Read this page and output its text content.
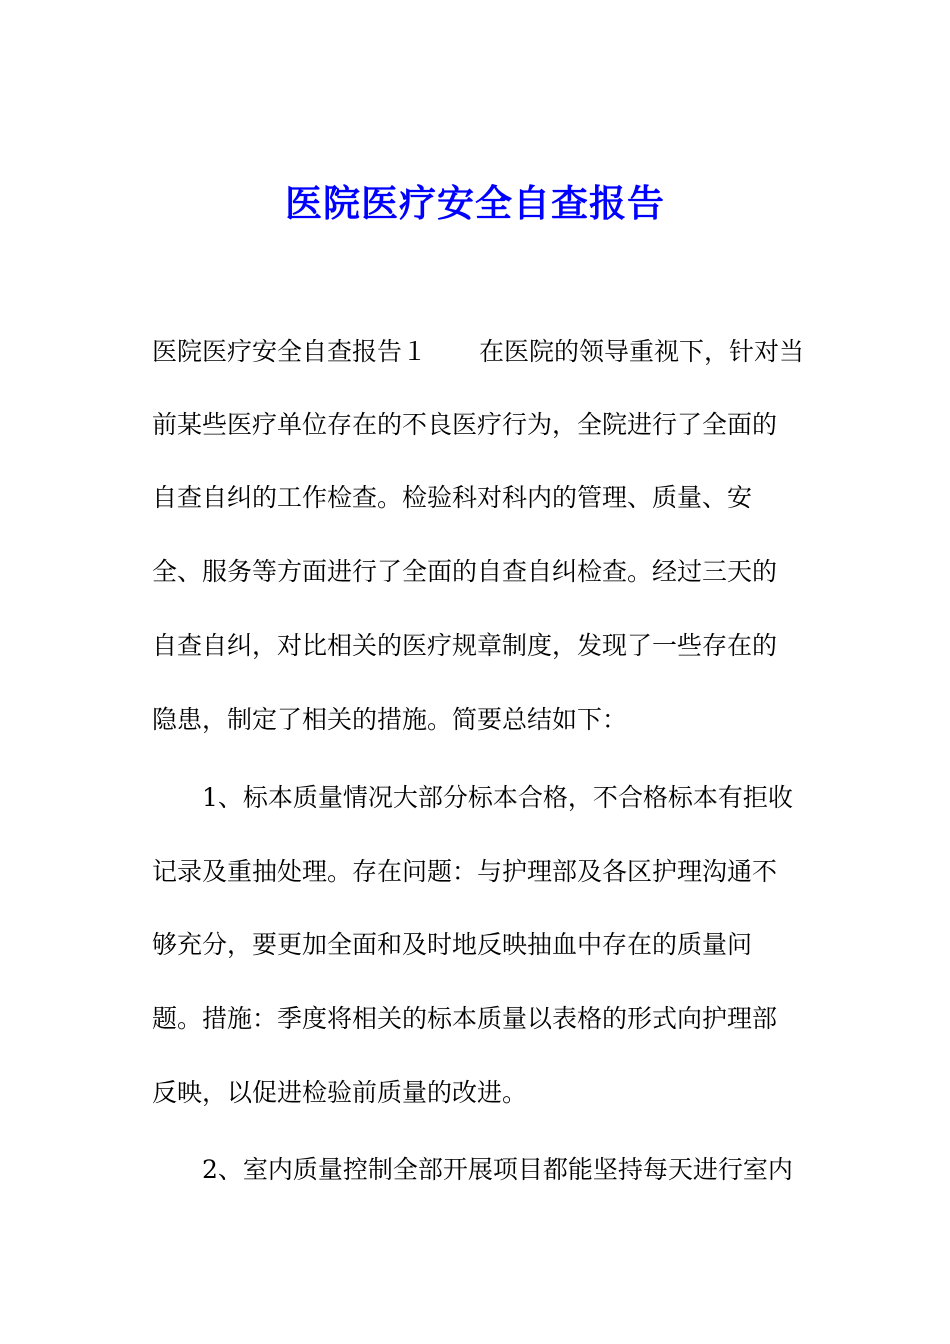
医院医疗安全自查报告
医院医疗安全自查报告１ 在医院的领导重视下，针对当
前某些医疗单位存在的不良医疗行为，全院进行了全面的
自查自纠的工作检查。检验科对科内的管理、质量、安
全、服务等方面进行了全面的自查自纠检查。经过三天的
自查自纠，对比相关的医疗规章制度，发现了一些存在的
隐患，制定了相关的措施。简要总结如下：
1、标本质量情况大部分标本合格，不合格标本有拒收
记录及重抽处理。存在问题：与护理部及各区护理沟通不
够充分，要更加全面和及时地反映抽血中存在的质量问
题。措施：季度将相关的标本质量以表格的形式向护理部
反映，以促进检验前质量的改进。
2、室内质量控制全部开展项目都能坚持每天进行室内
